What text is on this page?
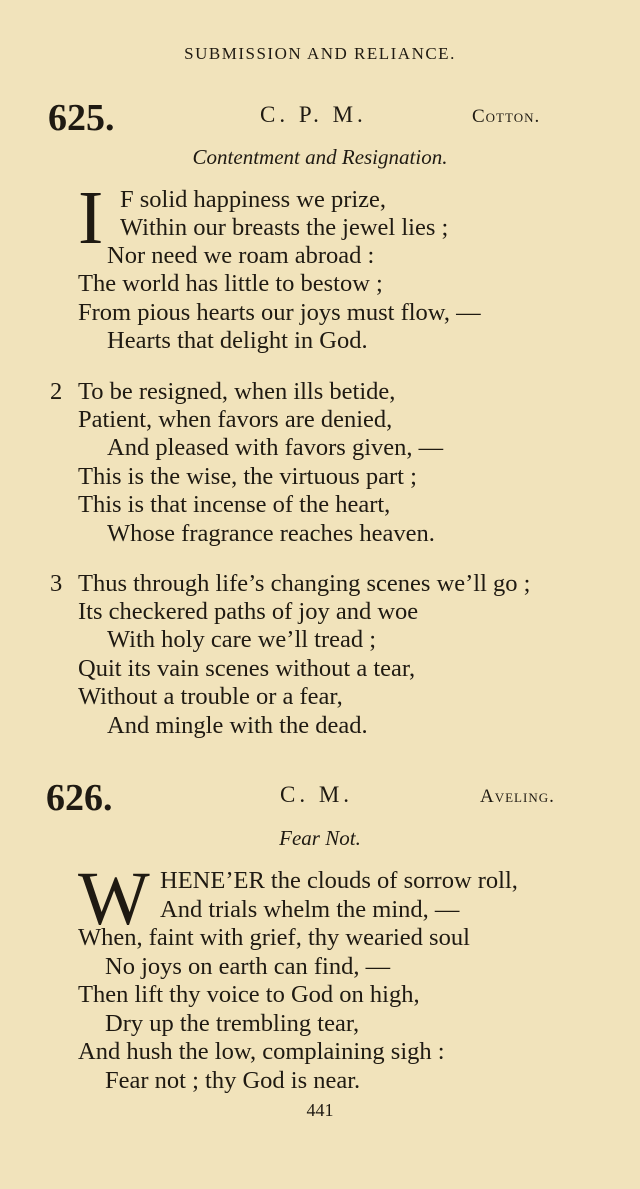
SUBMISSION AND RELIANCE.
625.	C. P. M.	Cotton.
Contentment and Resignation.
I F solid happiness we prize,
Within our breasts the jewel lies ;
Nor need we roam abroad :
The world has little to bestow ;
From pious hearts our joys must flow, —
Hearts that delight in God.
2 To be resigned, when ills betide,
Patient, when favors are denied,
And pleased with favors given, —
This is the wise, the virtuous part ;
This is that incense of the heart,
Whose fragrance reaches heaven.
3 Thus through life’s changing scenes we’ll go ;
Its checkered paths of joy and woe
With holy care we’ll tread ;
Quit its vain scenes without a tear,
Without a trouble or a fear,
And mingle with the dead.
626.	C. M.	Aveling.
Fear Not.
W HENE’ER the clouds of sorrow roll,
And trials whelm the mind, —
When, faint with grief, thy wearied soul
No joys on earth can find, —
Then lift thy voice to God on high,
Dry up the trembling tear,
And hush the low, complaining sigh :
Fear not ; thy God is near.
441
